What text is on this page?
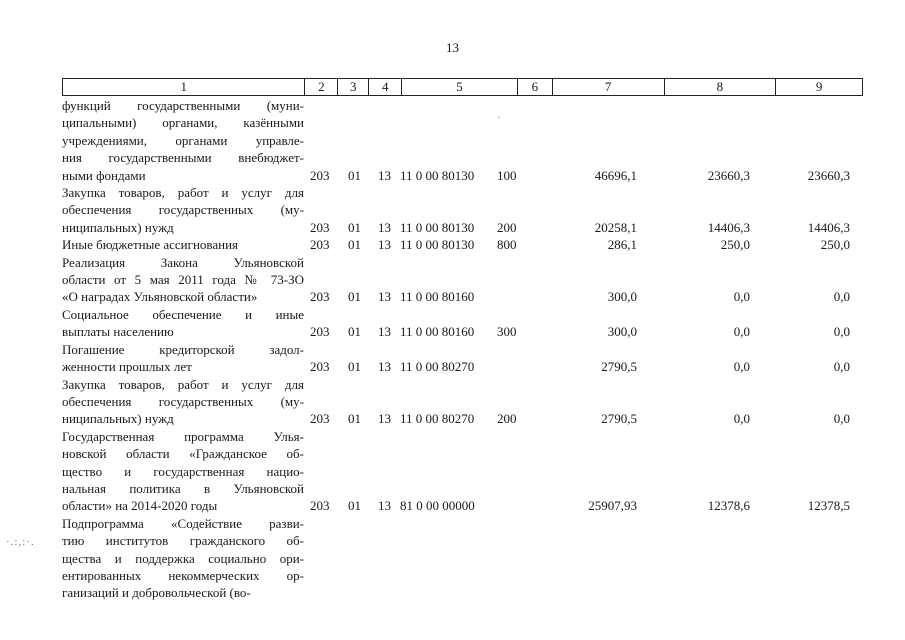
13
1	2	3	4	5	6	7	8	9
функций государственными (муни-
ципальными) органами, казёнными
учреждениями, органами управле-
ния государственными внебюджет-
ными фондами	203 01 13 11 0 00 80130 100	46696,1	23660,3	23660,3
Закупка товаров, работ и услуг для
обеспечения государственных (му-
ниципальных) нужд	203 01 13 11 0 00 80130 200	20258,1	14406,3	14406,3
Иные бюджетные ассигнования	203 01 13 11 0 00 80130 800	286,1	250,0	250,0
Реализация Закона Ульяновской
области от 5 мая 2011 года № 73-ЗО
«О наградах Ульяновской области»	203 01 13 11 0 00 80160	300,0	0,0	0,0
Социальное обеспечение и иные
выплаты населению	203 01 13 11 0 00 80160 300	300,0	0,0	0,0
Погашение кредиторской задол-
женности прошлых лет	203 01 13 11 0 00 80270	2790,5	0,0	0,0
Закупка товаров, работ и услуг для
обеспечения государственных (му-
ниципальных) нужд	203 01 13 11 0 00 80270 200	2790,5	0,0	0,0
Государственная программа Улья-
новской области «Гражданское об-
щество и государственная нацио-
нальная политика в Ульяновской
области» на 2014-2020 годы	203 01 13 81 0 00 00000	25907,93	12378,6	12378,5
Подпрограмма «Содействие разви-
тию институтов гражданского об-
щества и поддержка социально ори-
ентированных некоммерческих ор-
ганизаций и добровольческой (во-
·
·.:,:·.
